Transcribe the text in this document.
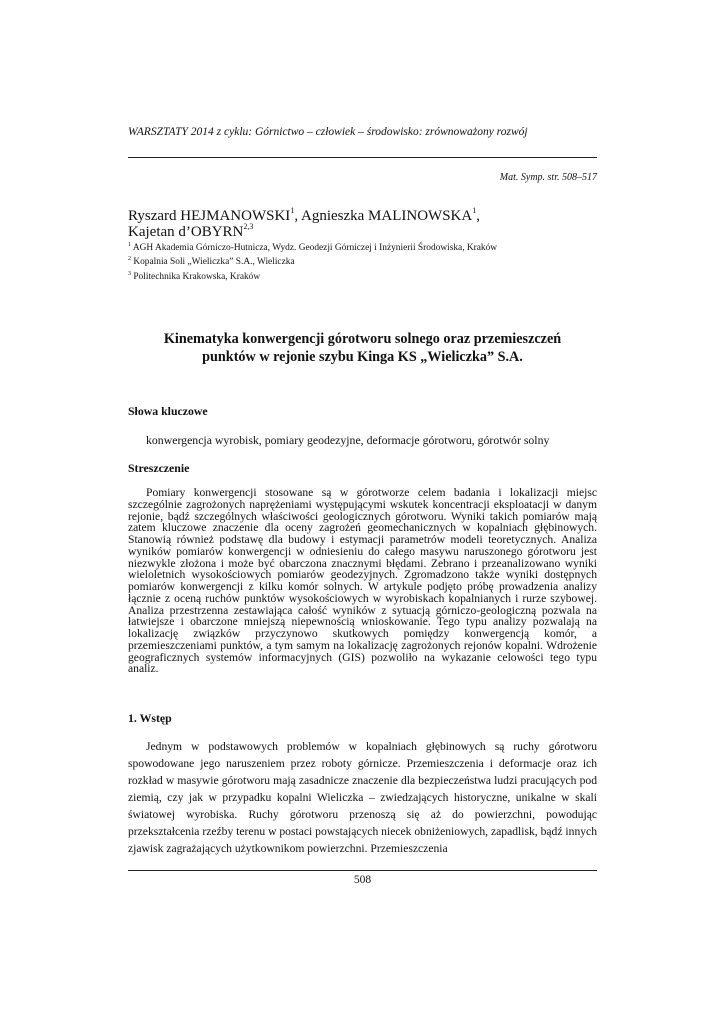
WARSZTATY 2014 z cyklu: Górnictwo – człowiek – środowisko: zrównoważony rozwój
Mat. Symp. str. 508–517
Ryszard HEJMANOWSKI$^1$, Agnieszka MALINOWSKA$^1$,
Kajetan d’OBYRN$^{2,3}$
$^1$ AGH Akademia Górniczo-Hutnicza, Wydz. Geodezji Górniczej i Inżynierii Środowiska, Kraków
$^2$ Kopalnia Soli „Wieliczka” S.A., Wieliczka
$^3$ Politechnika Krakowska, Kraków
Kinematyka konwergencji górotworu solnego oraz przemieszczeń
punktów w rejonie szybu Kinga KS „Wieliczka” S.A.
Słowa kluczowe
konwergencja wyrobisk, pomiary geodezyjne, deformacje górotworu, górotwór solny
Streszczenie

Pomiary konwergencji stosowane są w górotworze celem badania i lokalizacji miejsc szczególnie zagrożonych naprężeniami występującymi wskutek koncentracji eksploatacji w danym rejonie, bądź szczególnych właściwości geologicznych górotworu. Wyniki takich pomiarów mają zatem kluczowe znaczenie dla oceny zagrożeń geomechanicznych w kopalniach głębinowych. Stanowią również podstawę dla budowy i estymacji parametrów modeli teoretycznych. Analiza wyników pomiarów konwergencji w odniesieniu do całego masywu naruszonego górotworu jest niezwykle złożona i może być obarczona znacznymi błędami. Zebrano i przeanalizowano wyniki wieloletnich wysokościowych pomiarów geodezyjnych. Zgromadzono także wyniki dostępnych pomiarów konwergencji z kilku komór solnych. W artykule podjęto próbę prowadzenia analizy łącznie z oceną ruchów punktów wysokościowych w wyrobiskach kopalnianych i rurze szybowej. Analiza przestrzenna zestawiająca całość wyników z sytuacją górniczo-geologiczną pozwala na łatwiejsze i obarczone mniejszą niepewnością wnioskowanie. Tego typu analizy pozwalają na lokalizację związków przyczynowo skutkowych pomiędzy konwergencją komór, a przemieszczeniami punktów, a tym samym na lokalizację zagrożonych rejonów kopalni. Wdrożenie geograficznych systemów informacyjnych (GIS) pozwoliło na wykazanie celowości tego typu analiz.

1. Wstęp

Jednym w podstawowych problemów w kopalniach głębinowych są ruchy górotworu spowodowane jego naruszeniem przez roboty górnicze. Przemieszczenia i deformacje oraz ich rozkład w masywie górotworu mają zasadnicze znaczenie dla bezpieczeństwa ludzi pracujących pod ziemią, czy jak w przypadku kopalni Wieliczka – zwiedzających historyczne, unikalne w skali światowej wyrobiska. Ruchy górotworu przenoszą się aż do powierzchni, powodując przekształcenia rzeźby terenu w postaci powstających niecek obniżeniowych, zapadlisk, bądź innych zjawisk zagrażających użytkownikom powierzchni. Przemieszczenia

508
